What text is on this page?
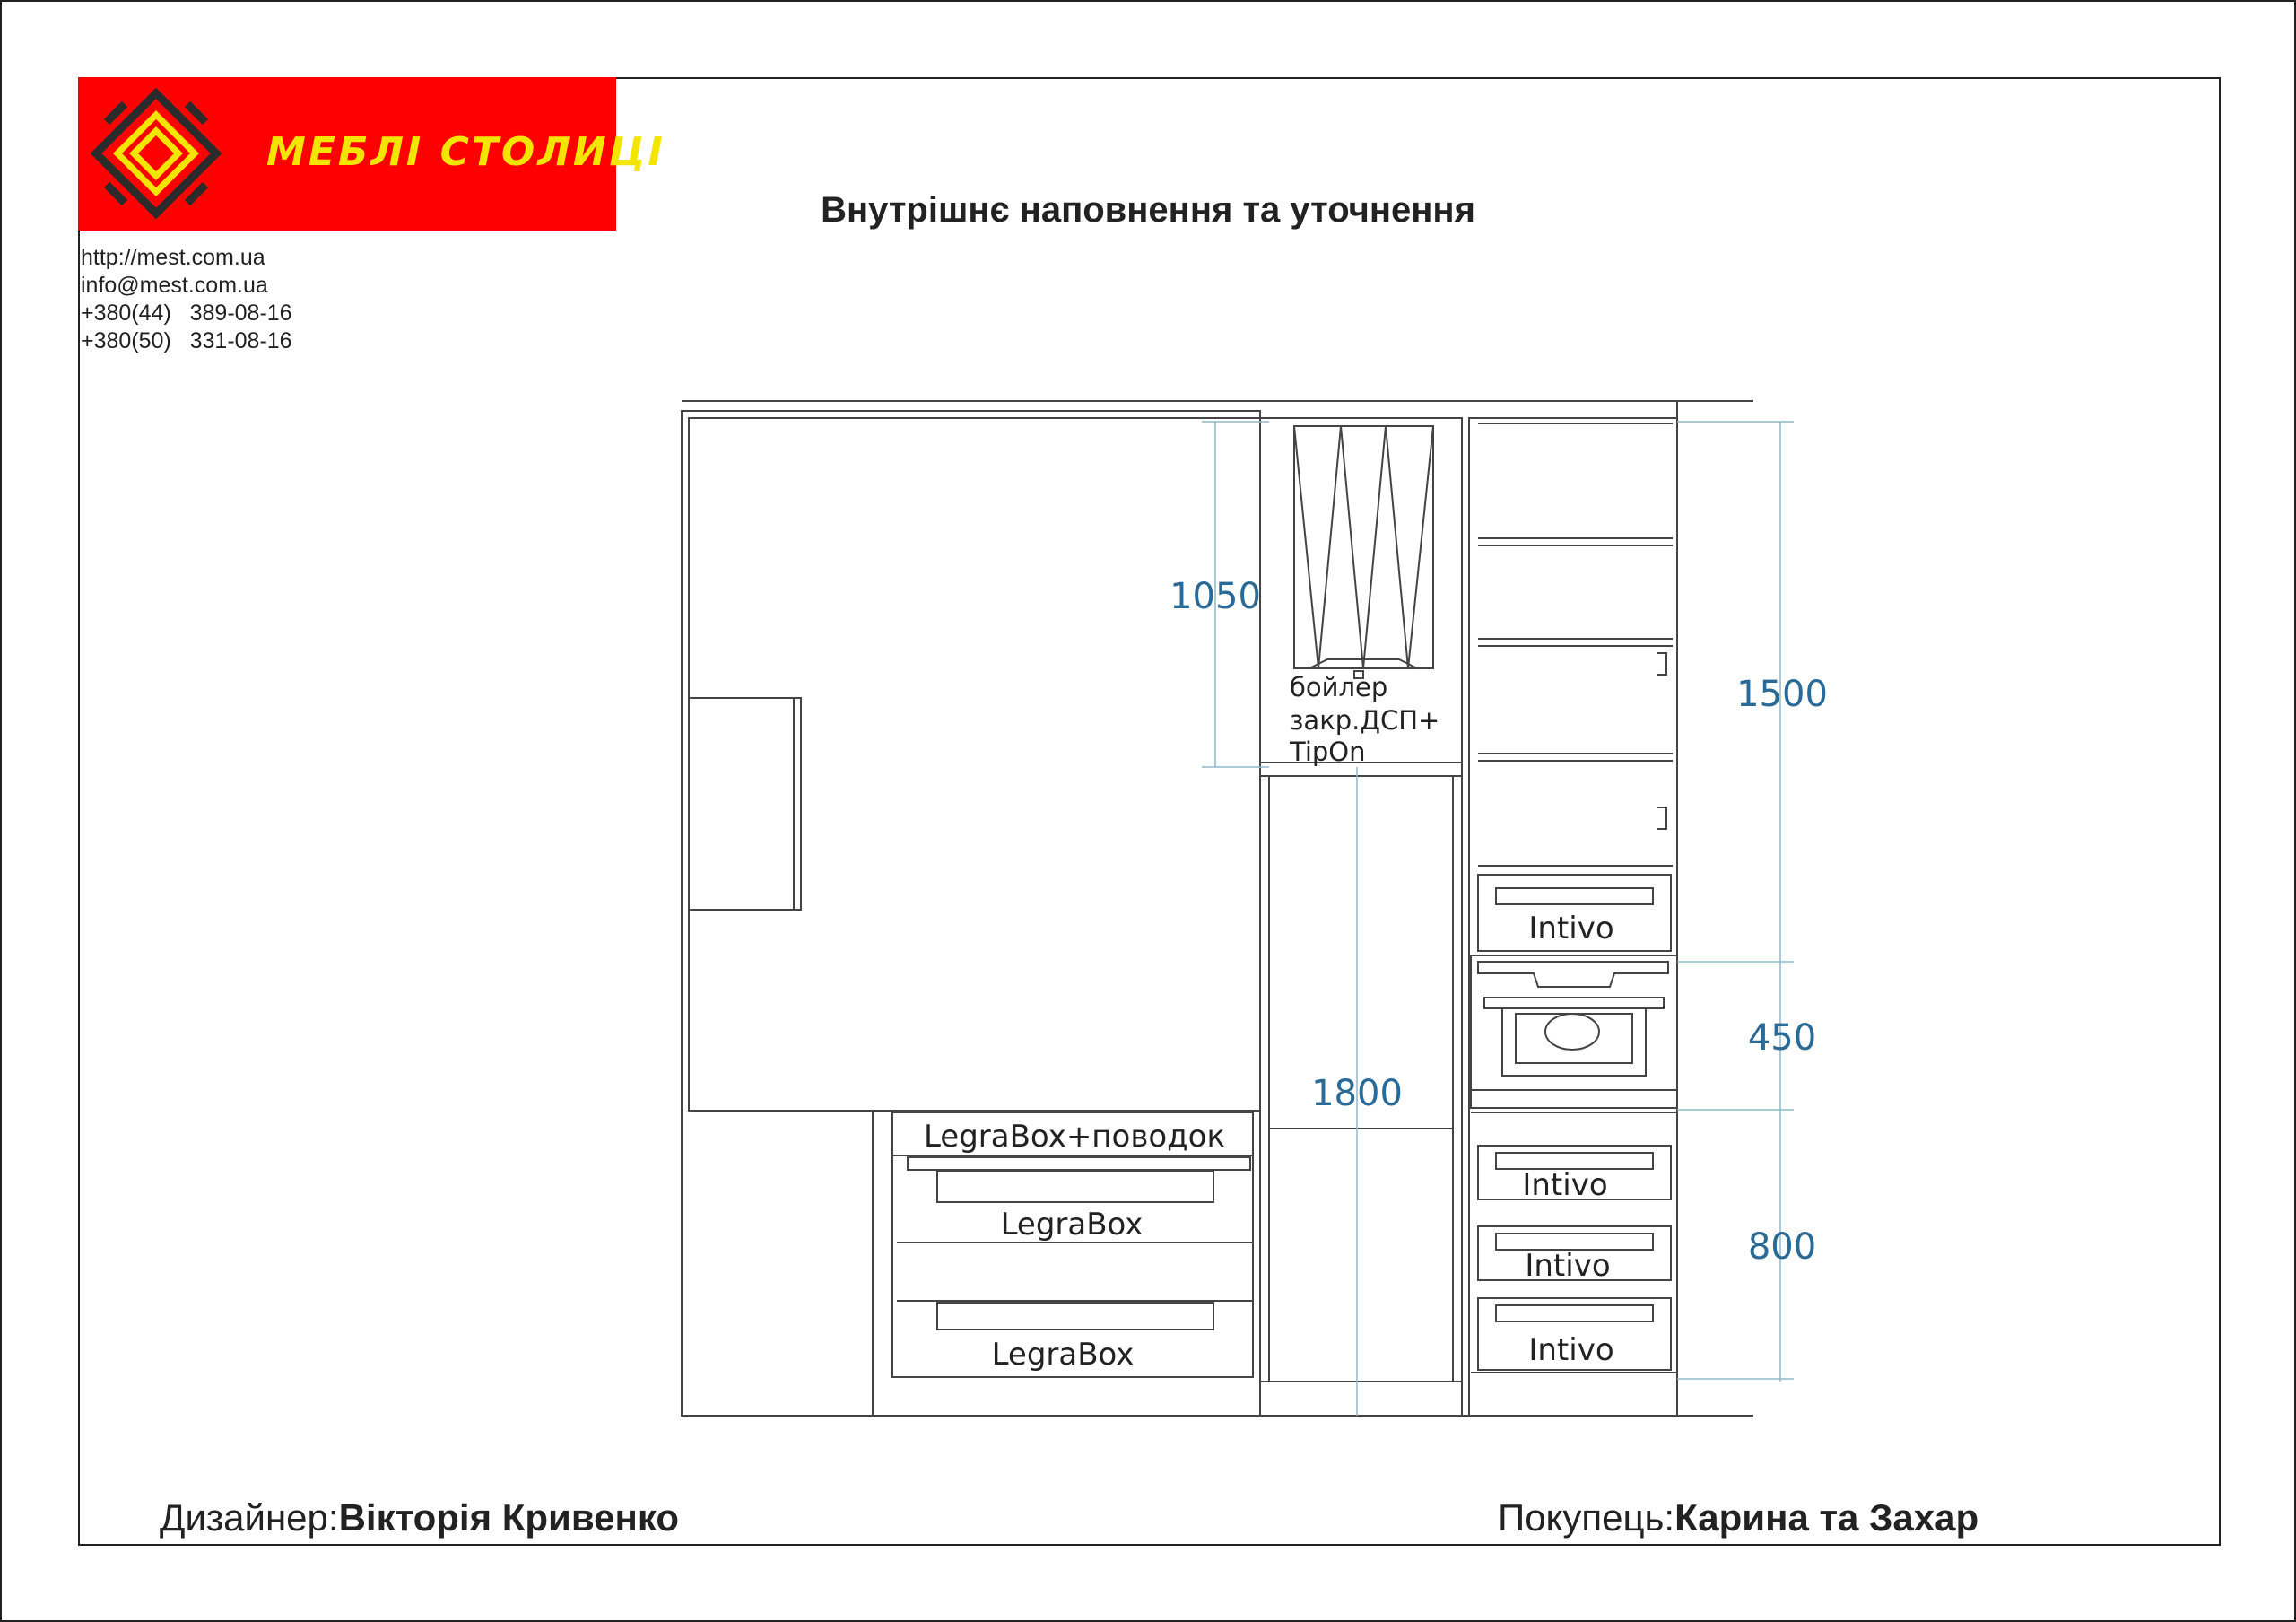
МЕБЛІ СТОЛИЦІ
http://mest.com.ua
info@mest.com.ua
+380(44)   389-08-16
+380(50)   331-08-16
Внутрішнє наповнення та уточнення
бойлер
закр.ДСП+
TipOn
LegraBox+поводок
LegraBox
LegraBox
Intivo
Intivo
Intivo
Intivo
1050
1800
1500
450
800
Дизайнер:Вікторія Кривенко	Покупець:Карина та Захар
